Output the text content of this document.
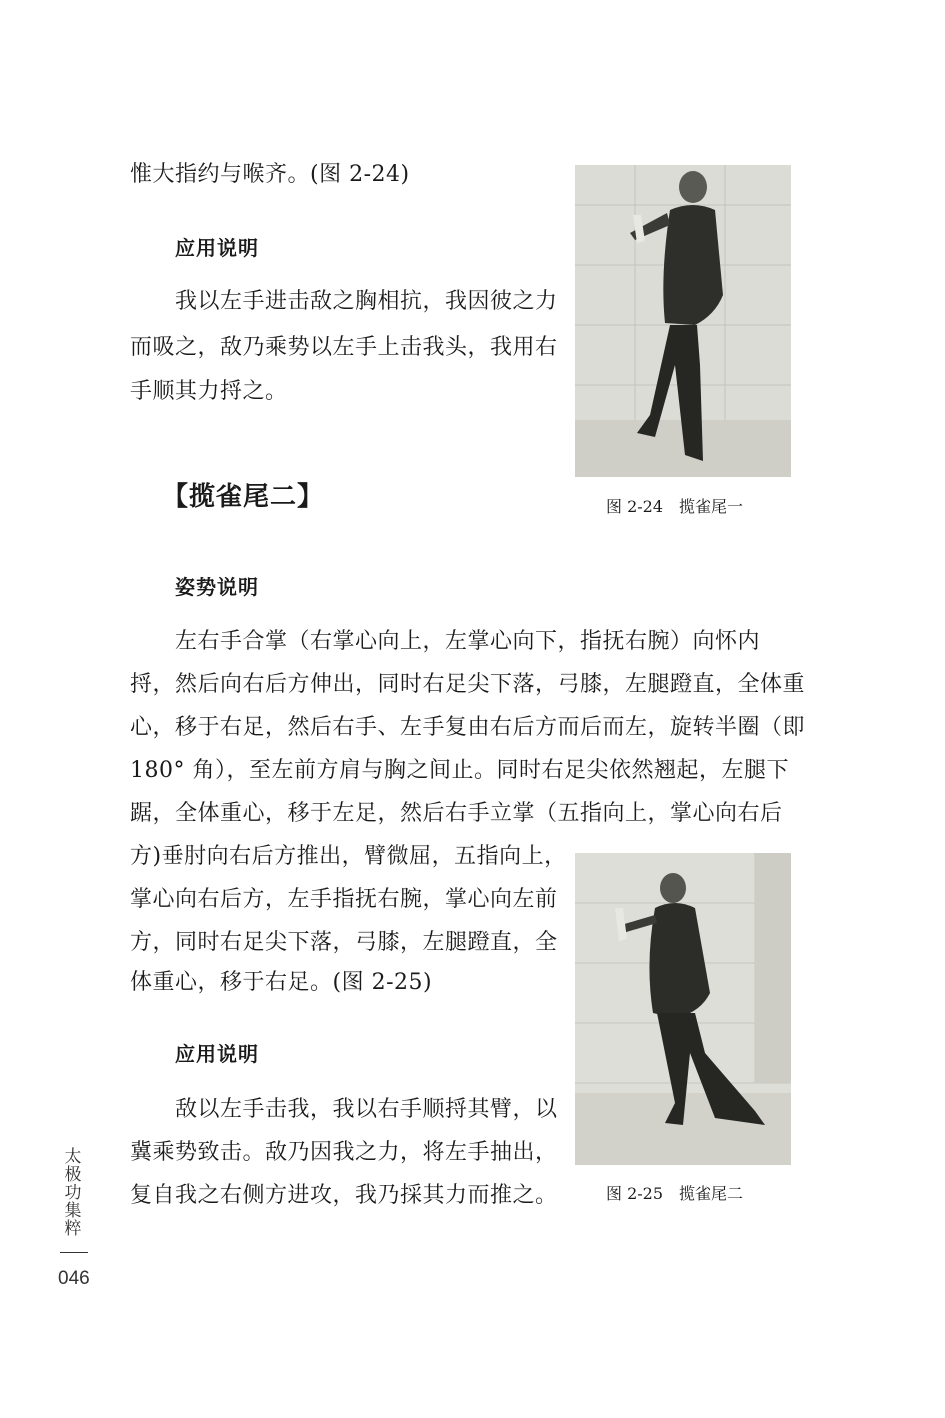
惟大指约与喉齐。(图 2-24)
应用说明
我以左手进击敌之胸相抗，我因彼之力
而吸之，敌乃乘势以左手上击我头，我用右
手顺其力捋之。
图 2-24　揽雀尾一
【揽雀尾二】
姿势说明
左右手合掌（右掌心向上，左掌心向下，指抚右腕）向怀内
捋，然后向右后方伸出，同时右足尖下落，弓膝，左腿蹬直，全体重
心，移于右足，然后右手、左手复由右后方而后而左，旋转半圈（即
180° 角），至左前方肩与胸之间止。同时右足尖依然翘起，左腿下
踞，全体重心，移于左足，然后右手立掌（五指向上，掌心向右后
方)垂肘向右后方推出，臂微屈，五指向上，
掌心向右后方，左手指抚右腕，掌心向左前
方，同时右足尖下落，弓膝，左腿蹬直，全
体重心，移于右足。(图 2-25)
图 2-25　揽雀尾二
应用说明
敌以左手击我，我以右手顺捋其臂，以
冀乘势致击。敌乃因我之力，将左手抽出，
复自我之右侧方进攻，我乃採其力而推之。
太极功集粹
046
